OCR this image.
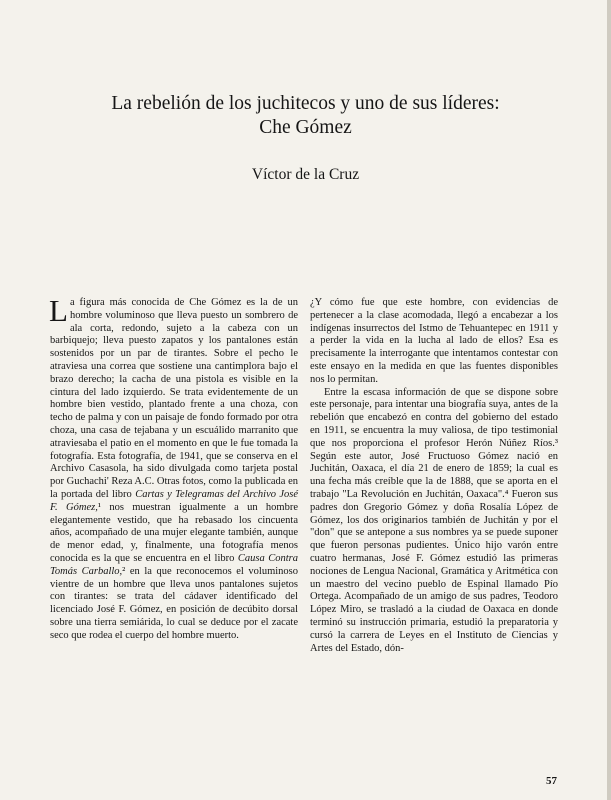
La rebelión de los juchitecos y uno de sus líderes:
Che Gómez

Víctor de la Cruz

La figura más conocida de Che Gómez es la de un hombre voluminoso que lleva puesto un sombrero de ala corta, redondo, sujeto a la cabeza con un barbiquejo; lleva puesto zapatos y los pantalones están sostenidos por un par de tirantes. Sobre el pecho le atraviesa una correa que sostiene una cantimplora bajo el brazo derecho; la cacha de una pistola es visible en la cintura del lado izquierdo. Se trata evidentemente de un hombre bien vestido, plantado frente a una choza, con techo de palma y con un paisaje de fondo formado por otra choza, una casa de tejabana y un escuálido marranito que atraviesaba el patio en el momento en que le fue tomada la fotografía. Esta fotografía, de 1941, que se conserva en el Archivo Casasola, ha sido divulgada como tarjeta postal por Guchachi' Reza A.C. Otras fotos, como la publicada en la portada del libro Cartas y Telegramas del Archivo José F. Gómez,¹ nos muestran igualmente a un hombre elegantemente vestido, que ha rebasado los cincuenta años, acompañado de una mujer elegante también, aunque de menor edad, y, finalmente, una fotografía menos conocida es la que se encuentra en el libro Causa Contra Tomás Carballo,² en la que reconocemos el voluminoso vientre de un hombre que lleva unos pantalones sujetos con tirantes: se trata del cádaver identificado del licenciado José F. Gómez, en posición de decúbito dorsal sobre una tierra semiárida, lo cual se deduce por el zacate seco que rodea el cuerpo del hombre muerto.

¿Y cómo fue que este hombre, con evidencias de pertenecer a la clase acomodada, llegó a encabezar a los indígenas insurrectos del Istmo de Tehuantepec en 1911 y a perder la vida en la lucha al lado de ellos? Esa es precisamente la interrogante que intentamos contestar con este ensayo en la medida en que las fuentes disponibles nos lo permitan.

Entre la escasa información de que se dispone sobre este personaje, para intentar una biografía suya, antes de la rebelión que encabezó en contra del gobierno del estado en 1911, se encuentra la muy valiosa, de tipo testimonial que nos proporciona el profesor Herón Núñez Ríos.³ Según este autor, José Fructuoso Gómez nació en Juchitán, Oaxaca, el día 21 de enero de 1859; la cual es una fecha más creíble que la de 1888, que se aporta en el trabajo "La Revolución en Juchitán, Oaxaca".⁴ Fueron sus padres don Gregorio Gómez y doña Rosalía López de Gómez, los dos originarios también de Juchitán y por el "don" que se antepone a sus nombres ya se puede suponer que fueron personas pudientes. Único hijo varón entre cuatro hermanas, José F. Gómez estudió las primeras nociones de Lengua Nacional, Gramática y Aritmética con un maestro del vecino pueblo de Espinal llamado Pío Ortega. Acompañado de un amigo de sus padres, Teodoro López Miro, se trasladó a la ciudad de Oaxaca en donde terminó su instrucción primaria, estudió la preparatoria y cursó la carrera de Leyes en el Instituto de Ciencias y Artes del Estado, dón-

57
